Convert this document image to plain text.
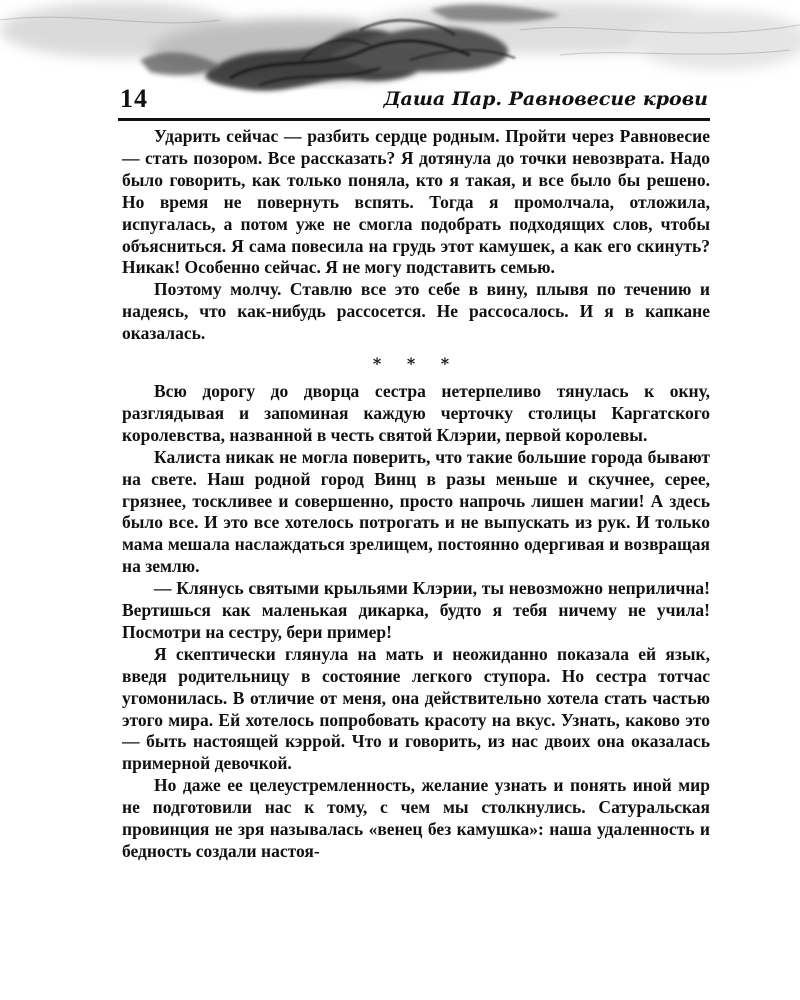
14	Даша Пар. Равновесие крови

Ударить сейчас — разбить сердце родным. Пройти через Равновесие — стать позором. Все рассказать? Я дотянула до точки невозврата. Надо было говорить, как только поняла, кто я такая, и все было бы решено. Но время не повернуть вспять. Тогда я промолчала, отложила, испугалась, а потом уже не смогла подобрать подходящих слов, чтобы объясниться. Я сама повесила на грудь этот камушек, а как его скинуть? Никак! Особенно сейчас. Я не могу подставить семью.

Поэтому молчу. Ставлю все это себе в вину, плывя по течению и надеясь, что как-нибудь рассосется. Не рассосалось. И я в капкане оказалась.

* * *

Всю дорогу до дворца сестра нетерпеливо тянулась к окну, разглядывая и запоминая каждую черточку столицы Каргатского королевства, названной в честь святой Клэрии, первой королевы.

Калиста никак не могла поверить, что такие большие города бывают на свете. Наш родной город Винц в разы меньше и скучнее, серее, грязнее, тоскливее и совершенно, просто напрочь лишен магии! А здесь было все. И это все хотелось потрогать и не выпускать из рук. И только мама мешала наслаждаться зрелищем, постоянно одергивая и возвращая на землю.

— Клянусь святыми крыльями Клэрии, ты невозможно неприлична! Вертишься как маленькая дикарка, будто я тебя ничему не учила! Посмотри на сестру, бери пример!

Я скептически глянула на мать и неожиданно показала ей язык, введя родительницу в состояние легкого ступора. Но сестра тотчас угомонилась. В отличие от меня, она действительно хотела стать частью этого мира. Ей хотелось попробовать красоту на вкус. Узнать, каково это — быть настоящей кэррой. Что и говорить, из нас двоих она оказалась примерной девочкой.

Но даже ее целеустремленность, желание узнать и понять иной мир не подготовили нас к тому, с чем мы столкнулись. Сатуральская провинция не зря называлась «венец без камушка»: наша удаленность и бедность создали настоя-
